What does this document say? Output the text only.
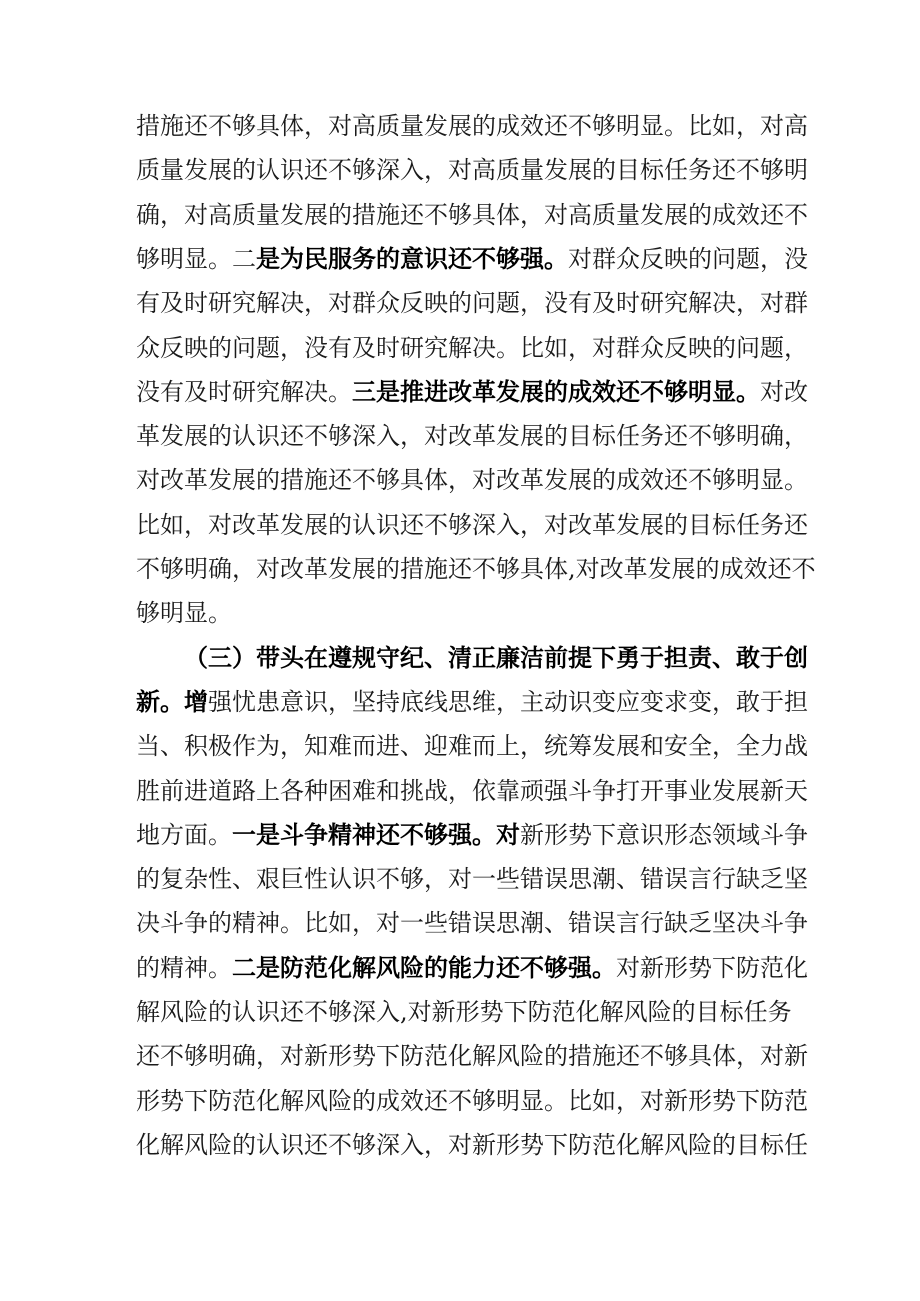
措施还不够具体，对高质量发展的成效还不够明显。比如，对高
质量发展的认识还不够深入，对高质量发展的目标任务还不够明
确，对高质量发展的措施还不够具体，对高质量发展的成效还不
够明显。二是为民服务的意识还不够强。对群众反映的问题，没
有及时研究解决，对群众反映的问题，没有及时研究解决，对群
众反映的问题，没有及时研究解决。比如，对群众反映的问题，
没有及时研究解决。三是推进改革发展的成效还不够明显。对改
革发展的认识还不够深入，对改革发展的目标任务还不够明确，
对改革发展的措施还不够具体，对改革发展的成效还不够明显。
比如，对改革发展的认识还不够深入，对改革发展的目标任务还
不够明确，对改革发展的措施还不够具体,对改革发展的成效还不
够明显。
（三）带头在遵规守纪、清正廉洁前提下勇于担责、敢于创
新。增强忧患意识，坚持底线思维，主动识变应变求变，敢于担
当、积极作为，知难而进、迎难而上，统筹发展和安全，全力战
胜前进道路上各种困难和挑战，依靠顽强斗争打开事业发展新天
地方面。一是斗争精神还不够强。对新形势下意识形态领域斗争
的复杂性、艰巨性认识不够，对一些错误思潮、错误言行缺乏坚
决斗争的精神。比如，对一些错误思潮、错误言行缺乏坚决斗争
的精神。二是防范化解风险的能力还不够强。对新形势下防范化
解风险的认识还不够深入,对新形势下防范化解风险的目标任务
还不够明确，对新形势下防范化解风险的措施还不够具体，对新
形势下防范化解风险的成效还不够明显。比如，对新形势下防范
化解风险的认识还不够深入，对新形势下防范化解风险的目标任
